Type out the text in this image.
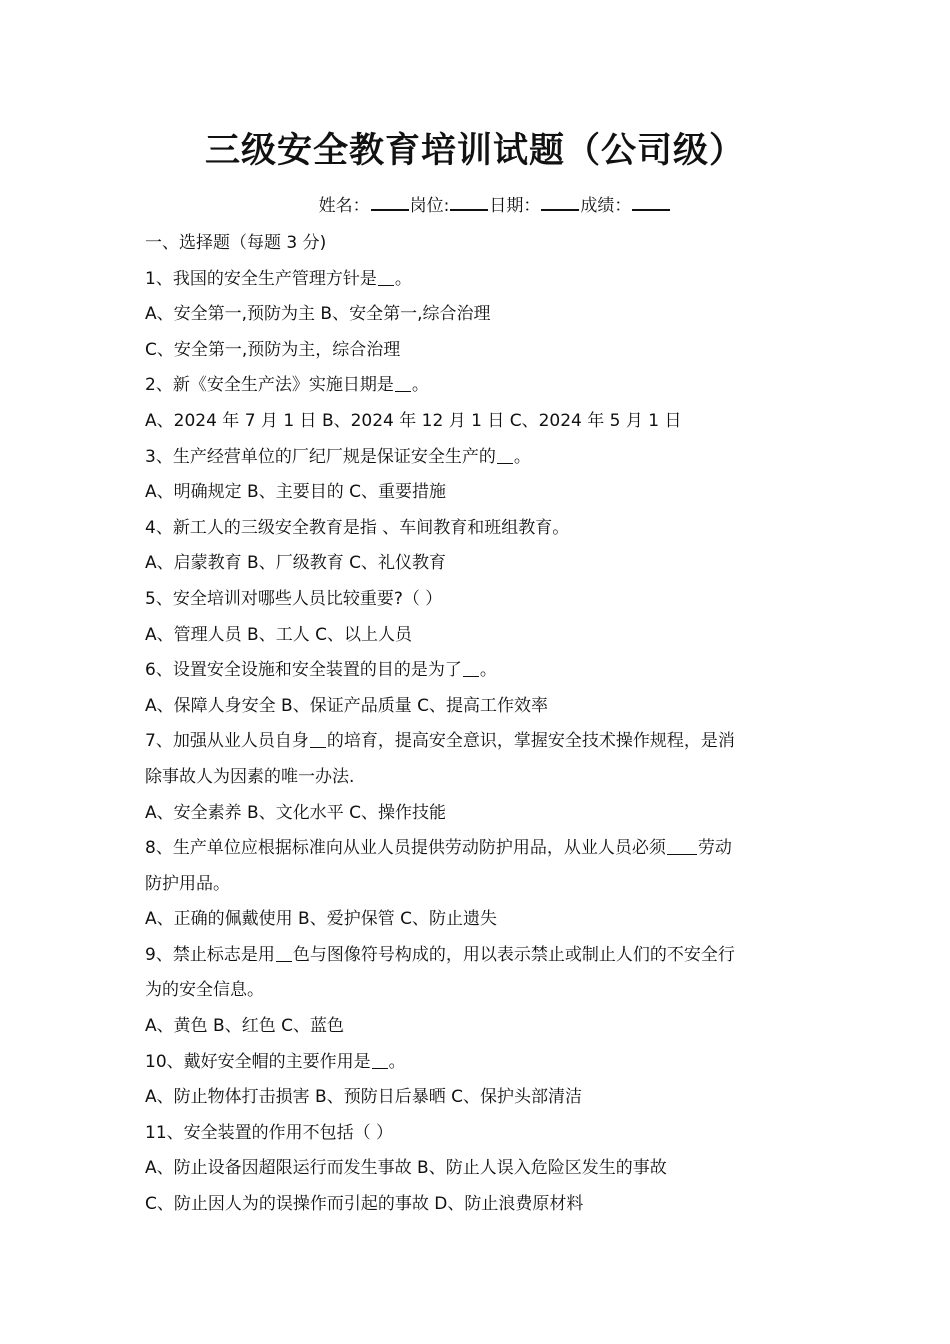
三级安全教育培训试题（公司级）
姓名： 岗位: 日期： 成绩：
一、选择题（每题 3 分)
1、我国的安全生产管理方针是 。
A、安全第一,预防为主 B、安全第一,综合治理
C、安全第一,预防为主，综合治理
2、新《安全生产法》实施日期是 。
A、2024 年 7 月 1 日 B、2024 年 12 月 1 日 C、2024 年 5 月 1 日
3、生产经营单位的厂纪厂规是保证安全生产的 。
A、明确规定 B、主要目的 C、重要措施
4、新工人的三级安全教育是指 、车间教育和班组教育。
A、启蒙教育 B、厂级教育 C、礼仪教育
5、安全培训对哪些人员比较重要?（ ）
A、管理人员 B、工人 C、以上人员
6、设置安全设施和安全装置的目的是为了 。
A、保障人身安全 B、保证产品质量 C、提高工作效率
7、加强从业人员自身 的培育，提高安全意识，掌握安全技术操作规程，是消
除事故人为因素的唯一办法.
A、安全素养 B、文化水平 C、操作技能
8、生产单位应根据标准向从业人员提供劳动防护用品，从业人员必须 劳动
防护用品。
A、正确的佩戴使用 B、爱护保管 C、防止遗失
9、禁止标志是用 色与图像符号构成的，用以表示禁止或制止人们的不安全行
为的安全信息。
A、黄色 B、红色 C、蓝色
10、戴好安全帽的主要作用是 。
A、防止物体打击损害 B、预防日后暴晒 C、保护头部清洁
11、安全装置的作用不包括（ ）
A、防止设备因超限运行而发生事故 B、防止人误入危险区发生的事故
C、防止因人为的误操作而引起的事故 D、防止浪费原材料
